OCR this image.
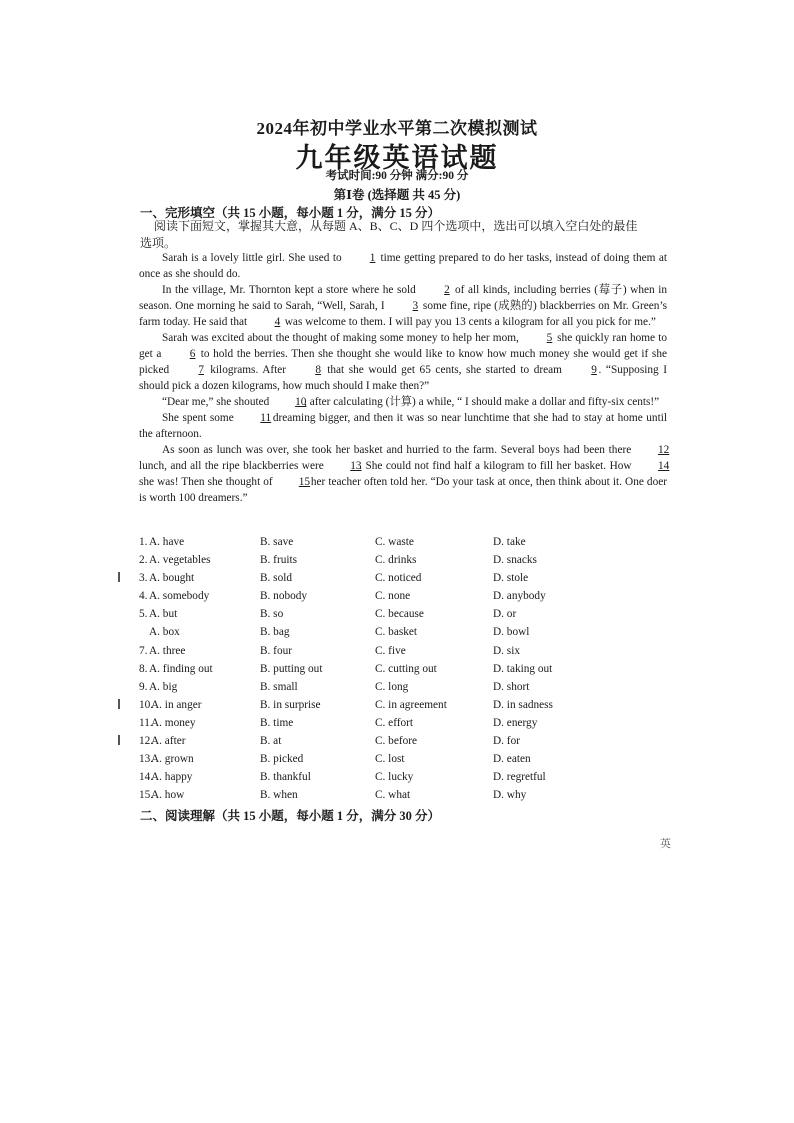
2024年初中学业水平第二次模拟测试
九年级英语试题
考试时间:90 分钟 满分:90 分
第Ⅰ卷 (选择题 共 45 分)
一、完形填空（共 15 小题，每小题 1 分，满分 15 分）
阅读下面短文，掌握其大意，从每题 A、B、C、D 四个选项中，选出可以填入空白处的最佳选项。

Sarah is a lovely little girl. She used to 1 time getting prepared to do her tasks, instead of doing them at once as she should do.

In the village, Mr. Thornton kept a store where he sold 2 of all kinds, including berries (莓子) when in season. One morning he said to Sarah, “Well, Sarah, I 3 some fine, ripe (成熟的) blackberries on Mr. Green’s farm today. He said that 4 was welcome to them. I will pay you 13 cents a kilogram for all you pick for me.”

Sarah was excited about the thought of making some money to help her mom, 5 she quickly ran home to get a 6 to hold the berries. Then she thought she would like to know how much money she would get if she picked 7 kilograms. After 8 that she would get 65 cents, she started to dream 9 . “Supposing I should pick a dozen kilograms, how much should I make then?”

“Dear me,” she shouted 10, after calculating (计算) a while, “ I should make a dollar and fifty-six cents!”

She spent some 11 dreaming bigger, and then it was so near lunchtime that she had to stay at home until the afternoon.

As soon as lunch was over, she took her basket and hurried to the farm. Several boys had been there 12 lunch, and all the ripe blackberries were 13. She could not find half a kilogram to fill her basket. How 14 she was! Then she thought of 15 her teacher often told her. “Do your task at once, then think about it. One doer is worth 100 dreamers.”

1. A. have	B. save	C. waste	D. take
2. A. vegetables	B. fruits	C. drinks	D. snacks
3. A. bought	B. sold	C. noticed	D. stole
4. A. somebody	B. nobody	C. none	D. anybody
5. A. but	B. so	C. because	D. or
A. box	B. bag	C. basket	D. bowl
7. A. three	B. four	C. five	D. six
8. A. finding out	B. putting out	C. cutting out	D. taking out
9. A. big	B. small	C. long	D. short
10.
A. in anger	B. in surprise	C. in agreement	D. in sadness
11.
A. money	B. time	C. effort	D. energy
12.
A. after	B. at	C. before	D. for
13.
A. grown	B. picked	C. lost	D. eaten
14.
A. happy	B. thankful	C. lucky	D. regretful
15.
A. how	B. when	C. what	D. why
二、阅读理解（共 15 小题，每小题 1 分，满分 30 分）
英
